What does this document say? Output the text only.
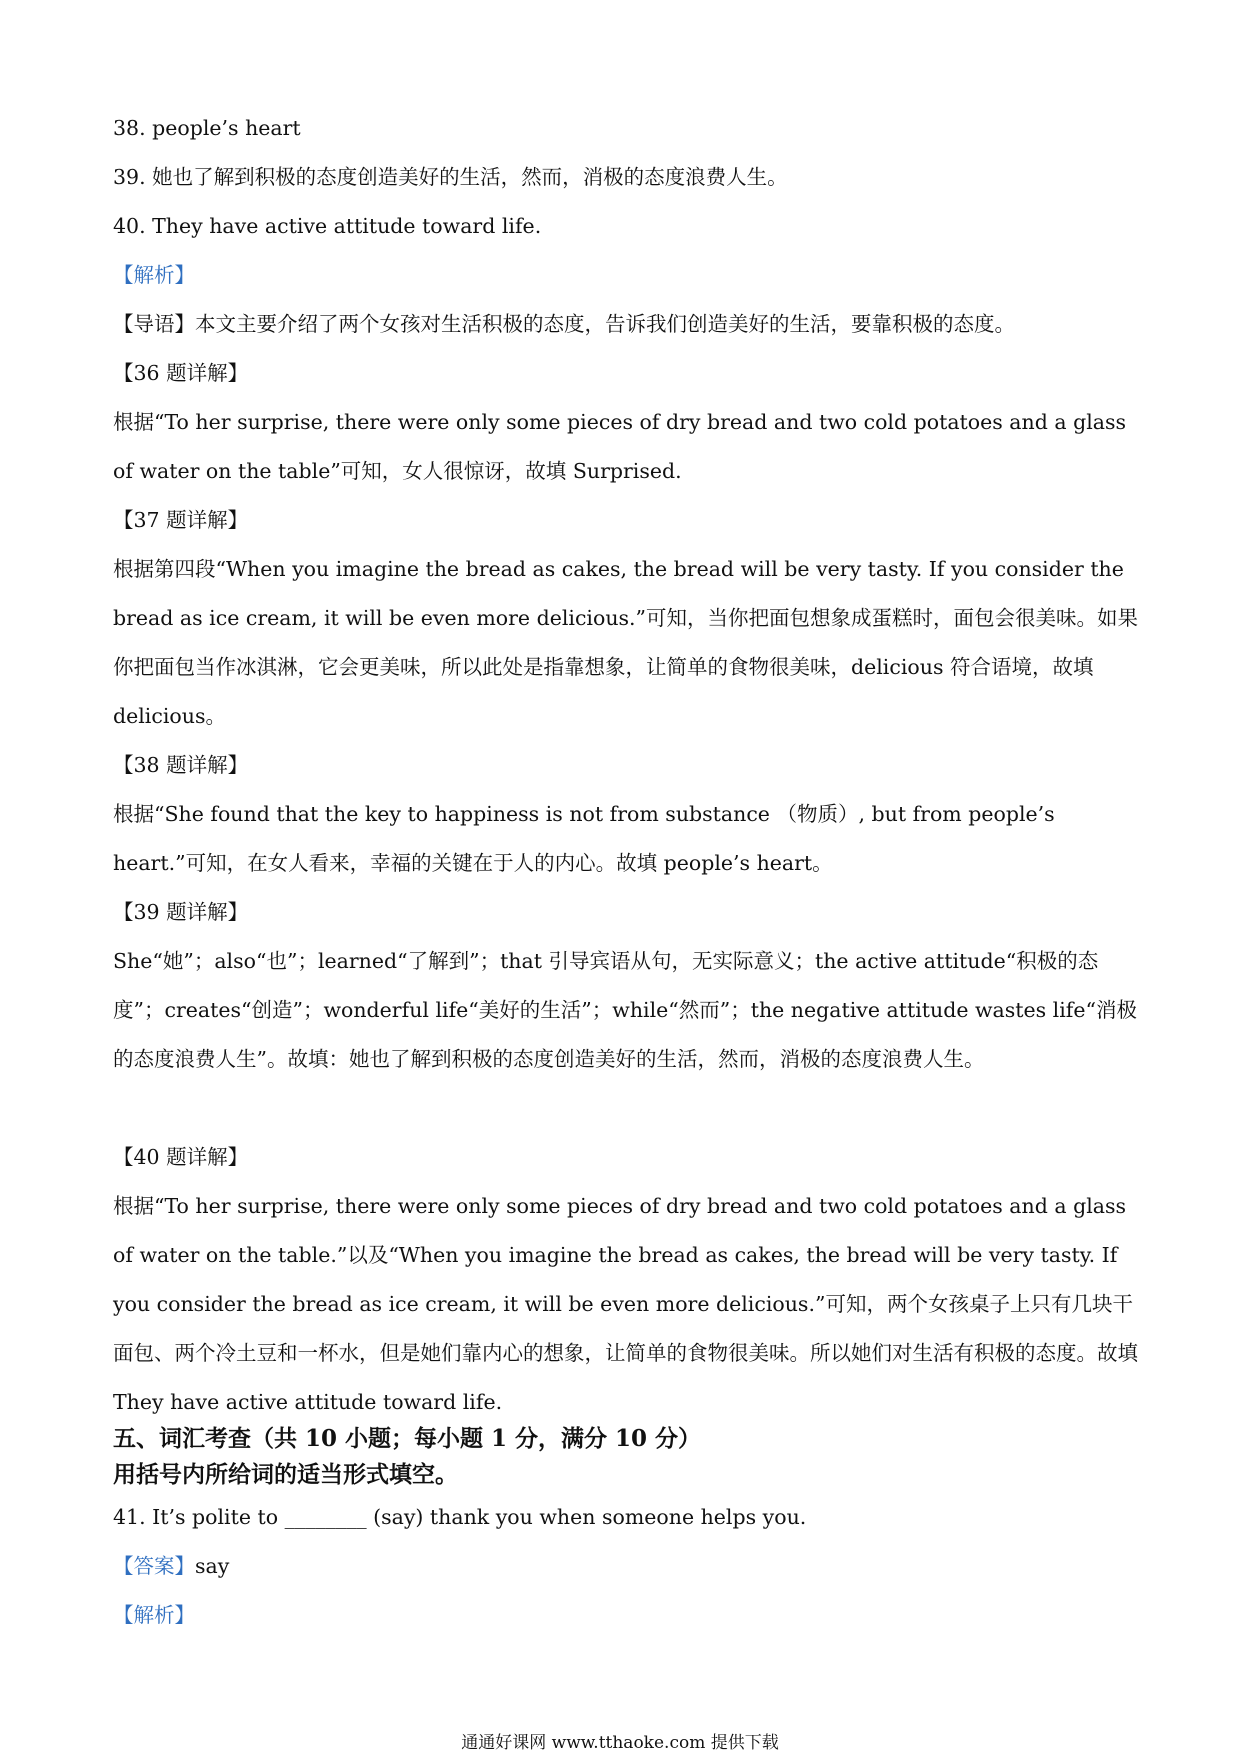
38. people’s heart

39. 她也了解到积极的态度创造美好的生活，然而，消极的态度浪费人生。

40. They have active attitude toward life.

【解析】

【导语】本文主要介绍了两个女孩对生活积极的态度，告诉我们创造美好的生活，要靠积极的态度。

【36 题详解】

根据“To her surprise, there were only some pieces of dry bread and two cold potatoes and a glass of water on the table”可知，女人很惊讶，故填 Surprised.

【37 题详解】

根据第四段“When you imagine the bread as cakes, the bread will be very tasty. If you consider the bread as ice cream, it will be even more delicious.”可知，当你把面包想象成蛋糕时，面包会很美味。如果你把面包当作冰淇淋，它会更美味，所以此处是指靠想象，让简单的食物很美味，delicious 符合语境，故填 delicious。

【38 题详解】

根据“She found that the key to happiness is not from substance （物质）, but from people’s heart.”可知，在女人看来，幸福的关键在于人的内心。故填 people’s heart。

【39 题详解】

She“她”；also“也”；learned“了解到”；that 引导宾语从句，无实际意义；the active attitude“积极的态度”；creates“创造”；wonderful life“美好的生活”；while“然而”；the negative attitude wastes life“消极的态度浪费人生”。故填：她也了解到积极的态度创造美好的生活，然而，消极的态度浪费人生。

【40 题详解】

根据“To her surprise, there were only some pieces of dry bread and two cold potatoes and a glass of water on the table.”以及“When you imagine the bread as cakes, the bread will be very tasty. If you consider the bread as ice cream, it will be even more delicious.”可知，两个女孩桌子上只有几块干面包、两个冷土豆和一杯水，但是她们靠内心的想象，让简单的食物很美味。所以她们对生活有积极的态度。故填 They have active attitude toward life.

五、词汇考查（共 10 小题；每小题 1 分，满分 10 分）

用括号内所给词的适当形式填空。

41. It’s polite to ________ (say) thank you when someone helps you.

【答案】say

【解析】

通通好课网 www.tthaoke.com 提供下载
